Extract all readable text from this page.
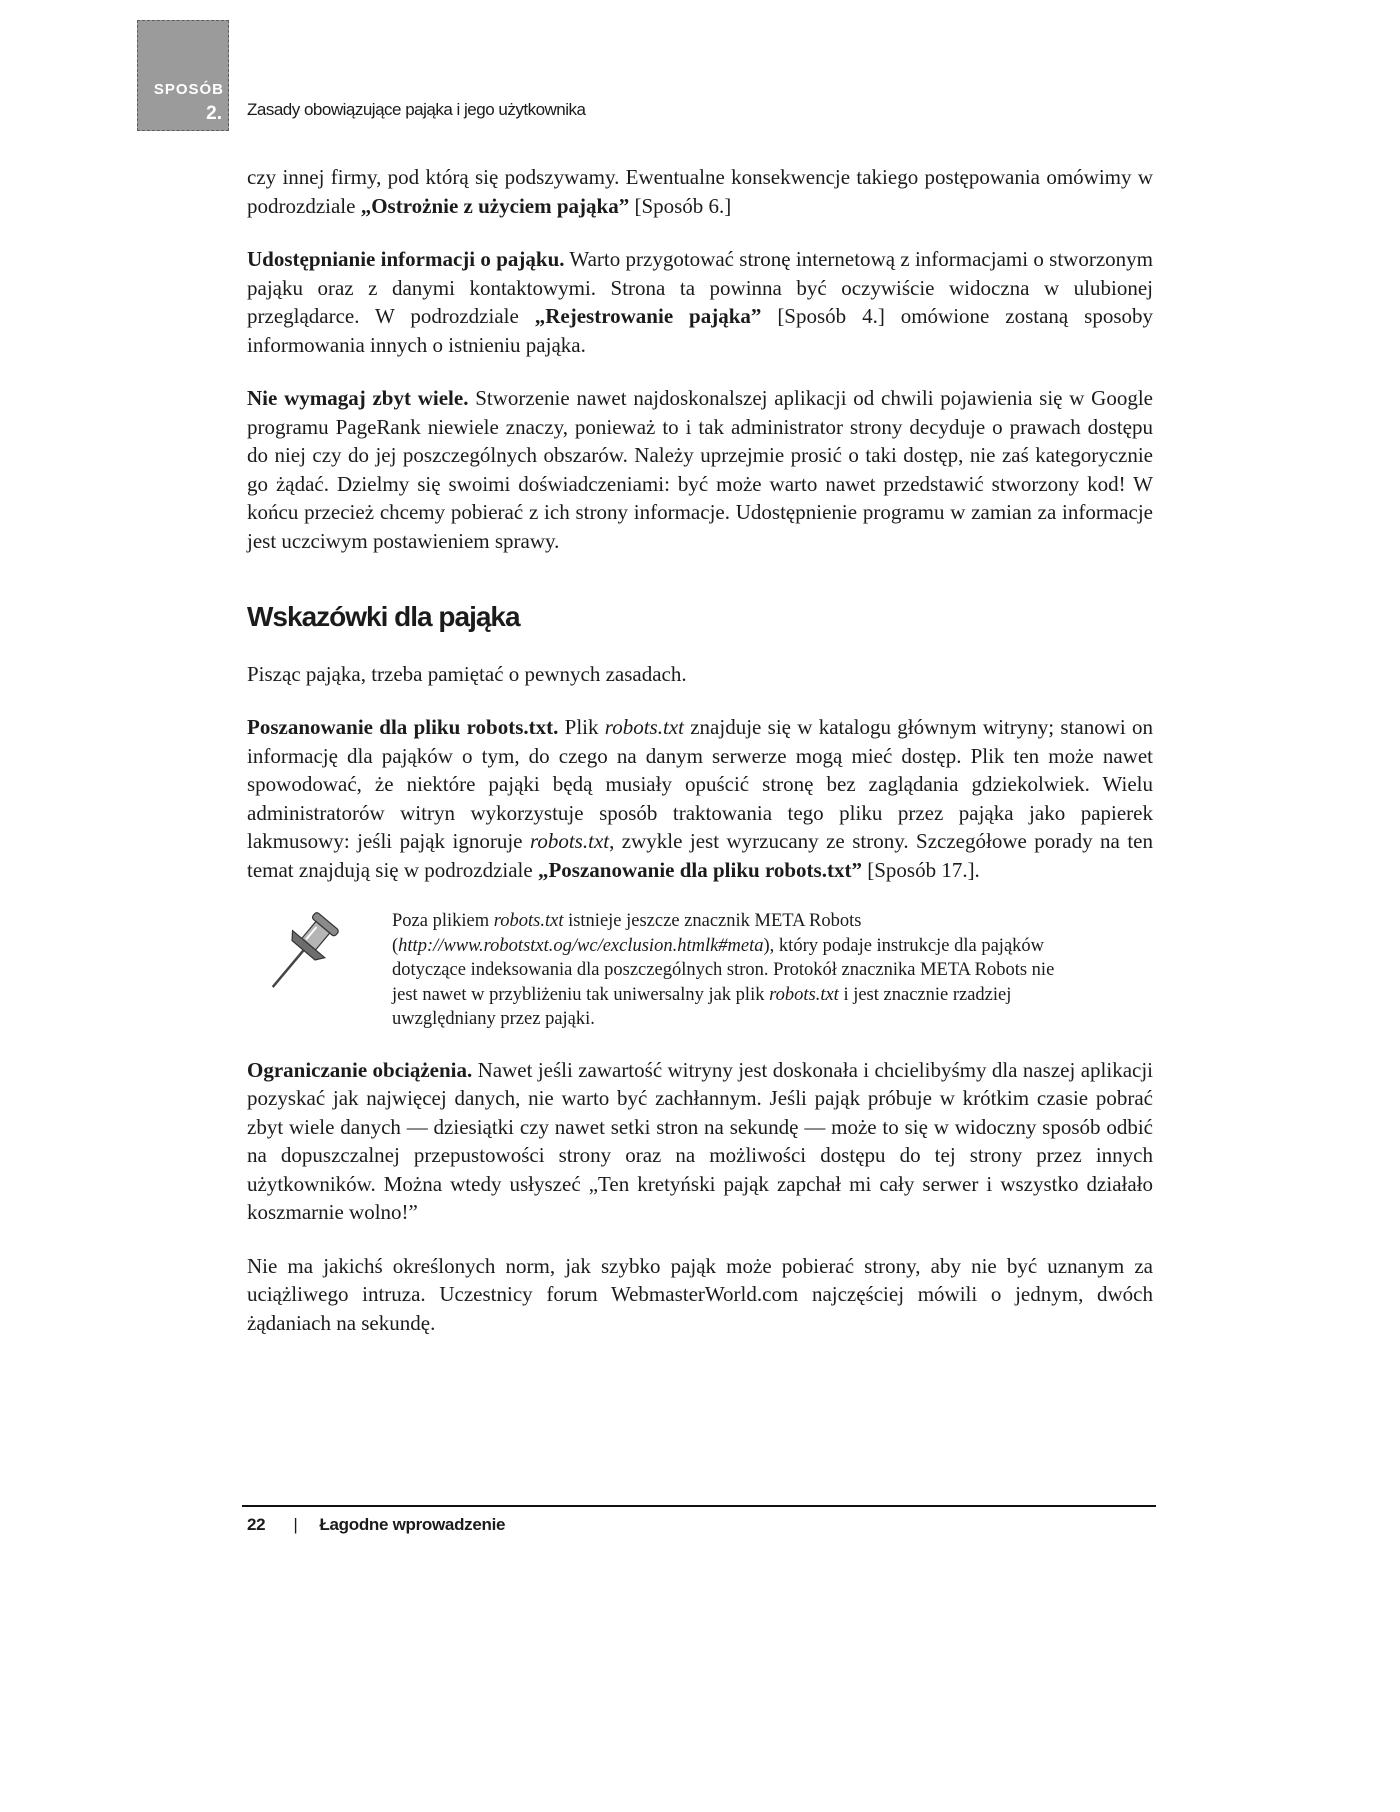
SPOSÓB
2. Zasady obowiązujące pająka i jego użytkownika

czy innej firmy, pod którą się podszywamy. Ewentualne konsekwencje takiego postępowania omówimy w podrozdziale „Ostrożnie z użyciem pająka” [Sposób 6.]

Udostępnianie informacji o pająku. Warto przygotować stronę internetową z informacjami o stworzonym pająku oraz z danymi kontaktowymi. Strona ta powinna być oczywiście widoczna w ulubionej przeglądarce. W podrozdziale „Rejestrowanie pająka” [Sposób 4.] omówione zostaną sposoby informowania innych o istnieniu pająka.

Nie wymagaj zbyt wiele. Stworzenie nawet najdoskonalszej aplikacji od chwili pojawienia się w Google programu PageRank niewiele znaczy, ponieważ to i tak administrator strony decyduje o prawach dostępu do niej czy do jej poszczególnych obszarów. Należy uprzejmie prosić o taki dostęp, nie zaś kategorycznie go żądać. Dzielmy się swoimi doświadczeniami: być może warto nawet przedstawić stworzony kod! W końcu przecież chcemy pobierać z ich strony informacje. Udostępnienie programu w zamian za informacje jest uczciwym postawieniem sprawy.

Wskazówki dla pająka

Pisząc pająka, trzeba pamiętać o pewnych zasadach.

Poszanowanie dla pliku robots.txt. Plik robots.txt znajduje się w katalogu głównym witryny; stanowi on informację dla pająków o tym, do czego na danym serwerze mogą mieć dostęp. Plik ten może nawet spowodować, że niektóre pająki będą musiały opuścić stronę bez zaglądania gdziekolwiek. Wielu administratorów witryn wykorzystuje sposób traktowania tego pliku przez pająka jako papierek lakmusowy: jeśli pająk ignoruje robots.txt, zwykle jest wyrzucany ze strony. Szczegółowe porady na ten temat znajdują się w podrozdziale „Poszanowanie dla pliku robots.txt” [Sposób 17.].

Poza plikiem robots.txt istnieje jeszcze znacznik META Robots (http://www.robotstxt.og/wc/exclusion.htmlk#meta), który podaje instrukcje dla pająków dotyczące indeksowania dla poszczególnych stron. Protokół znacznika META Robots nie jest nawet w przybliżeniu tak uniwersalny jak plik robots.txt i jest znacznie rzadziej uwzględniany przez pająki.

Ograniczanie obciążenia. Nawet jeśli zawartość witryny jest doskonała i chcielibyśmy dla naszej aplikacji pozyskać jak najwięcej danych, nie warto być zachłannym. Jeśli pająk próbuje w krótkim czasie pobrać zbyt wiele danych — dziesiątki czy nawet setki stron na sekundę — może to się w widoczny sposób odbić na dopuszczalnej przepustowości strony oraz na możliwości dostępu do tej strony przez innych użytkowników. Można wtedy usłyszeć „Ten kretyński pająk zapchał mi cały serwer i wszystko działało koszmarnie wolno!”

Nie ma jakichś określonych norm, jak szybko pająk może pobierać strony, aby nie być uznanym za uciążliwego intruza. Uczestnicy forum WebmasterWorld.com najczęściej mówili o jednym, dwóch żądaniach na sekundę.

22 | Łagodne wprowadzenie
